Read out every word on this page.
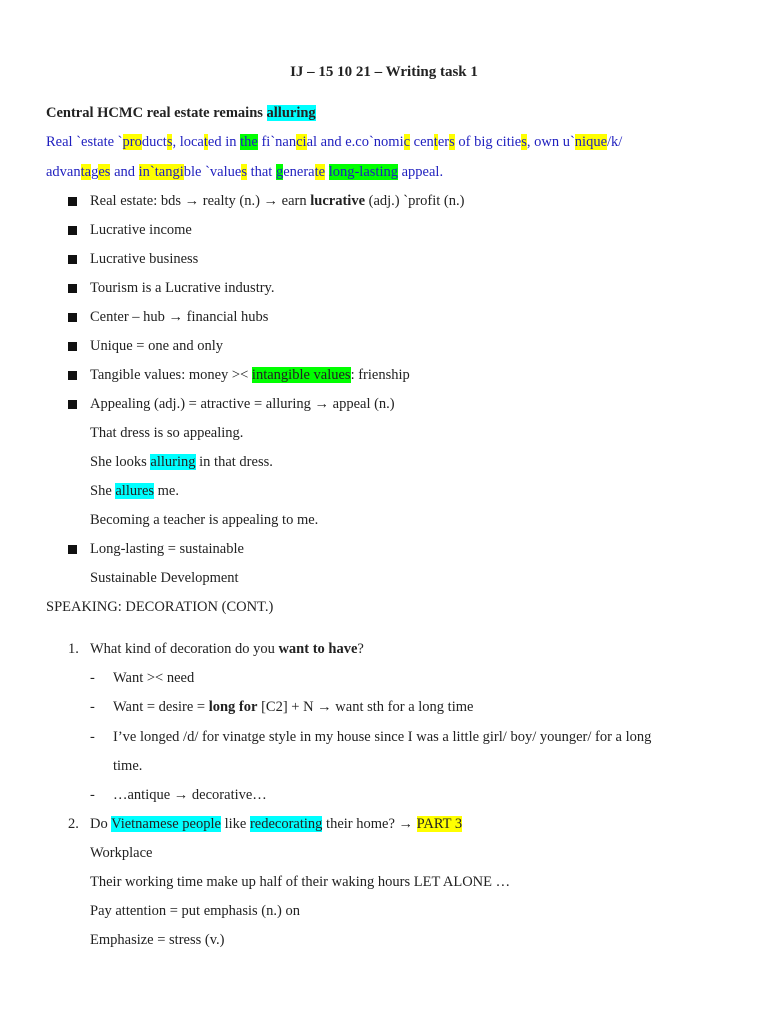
IJ – 15 10 21 – Writing task 1
Central HCMC real estate remains alluring
Real `estate `products, located in the fi`nancial and e.co`nomic centers of big cities, own u`nique/k/
advantages and in`tangible `values that generate long-lasting appeal.
Real estate: bds → realty (n.) → earn lucrative (adj.) `profit (n.)
Lucrative income
Lucrative business
Tourism is a Lucrative industry.
Center – hub → financial hubs
Unique = one and only
Tangible values: money >< intangible values: frienship
Appealing (adj.) = atractive = alluring → appeal (n.)
That dress is so appealing.
She looks alluring in that dress.
She allures me.
Becoming a teacher is appealing to me.
Long-lasting = sustainable
Sustainable Development
SPEAKING: DECORATION (CONT.)
1. What kind of decoration do you want to have?
- Want >< need
- Want = desire = long for [C2] + N → want sth for a long time
- I’ve longed /d/ for vinatge style in my house since I was a little girl/ boy/ younger/ for a long
time.
- …antique → decorative…
2. Do Vietnamese people like redecorating their home? → PART 3
Workplace
Their working time make up half of their waking hours LET ALONE …
Pay attention = put emphasis (n.) on
Emphasize = stress (v.)
